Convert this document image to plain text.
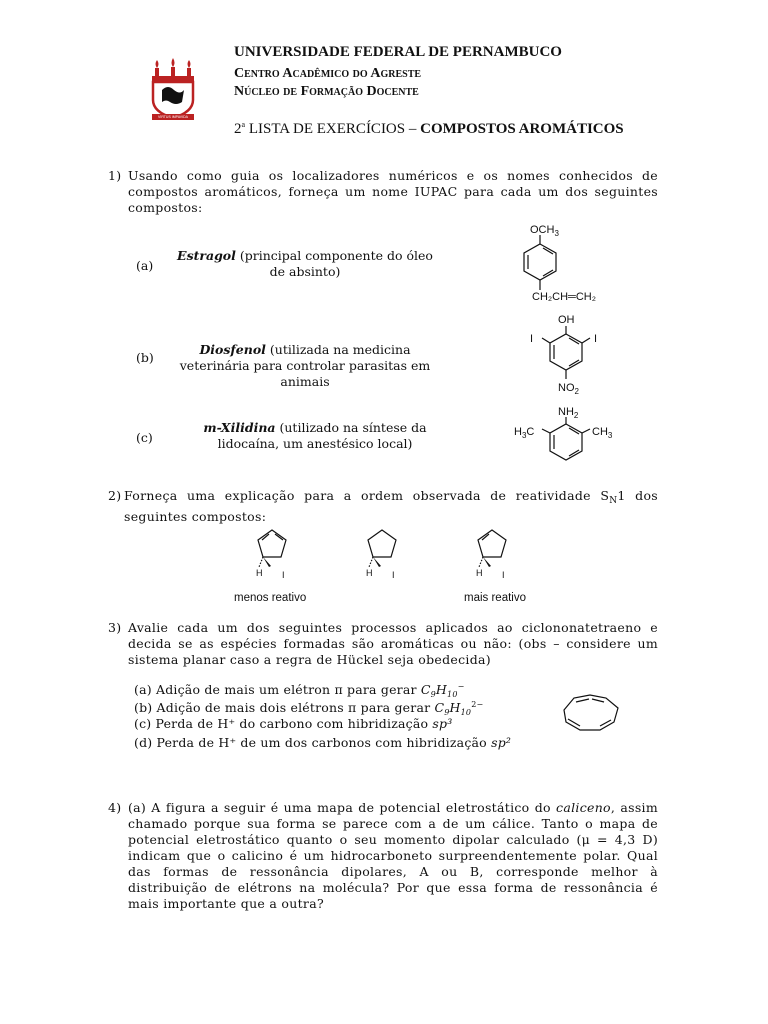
VIRTUS IMPAVIDA
UNIVERSIDADE FEDERAL DE PERNAMBUCO
Centro Acadêmico do Agreste
Núcleo de Formação Docente
2$^a$ LISTA DE EXERCÍCIOS – COMPOSTOS AROMÁTICOS
1) Usando como guia os localizadores numéricos e os nomes conhecidos de compostos aromáticos, forneça um nome IUPAC para cada um dos seguintes compostos:
(a)
Estragol (principal componente do óleo de absinto)
$OCH_3$
CH₂CH═CH₂
(b)
Diosfenol (utilizada na medicina veterinária para controlar parasitas em animais
OH
I	I
$NO_2$
(c)
m-Xilidina (utilizado na síntese da lidocaína, um anestésico local)
$NH_2$
$H_3C$	$CH_3$
2) Forneça uma explicação para a ordem observada de reatividade $S_N1$ dos seguintes compostos:
H I	H I	H I
menos reativo	mais reativo
3) Avalie cada um dos seguintes processos aplicados ao ciclononatetraeno e decida se as espécies formadas são aromáticas ou não: (obs – considere um sistema planar caso a regra de Hückel seja obedecida)
(a) Adição de mais um elétron π para gerar $C_9H_{10}^-$
(b) Adição de mais dois elétrons π para gerar $C_9H_{10}^{2-}$
(c) Perda de H⁺ do carbono com hibridização sp³
(d) Perda de H⁺ de um dos carbonos com hibridização sp²
4) (a) A figura a seguir é uma mapa de potencial eletrostático do caliceno, assim chamado porque sua forma se parece com a de um cálice. Tanto o mapa de potencial eletrostático quanto o seu momento dipolar calculado (μ = 4,3 D) indicam que o calicino é um hidrocarboneto surpreendentemente polar. Qual das formas de ressonância dipolares, A ou B, corresponde melhor à distribuição de elétrons na molécula? Por que essa forma de ressonância é mais importante que a outra?
